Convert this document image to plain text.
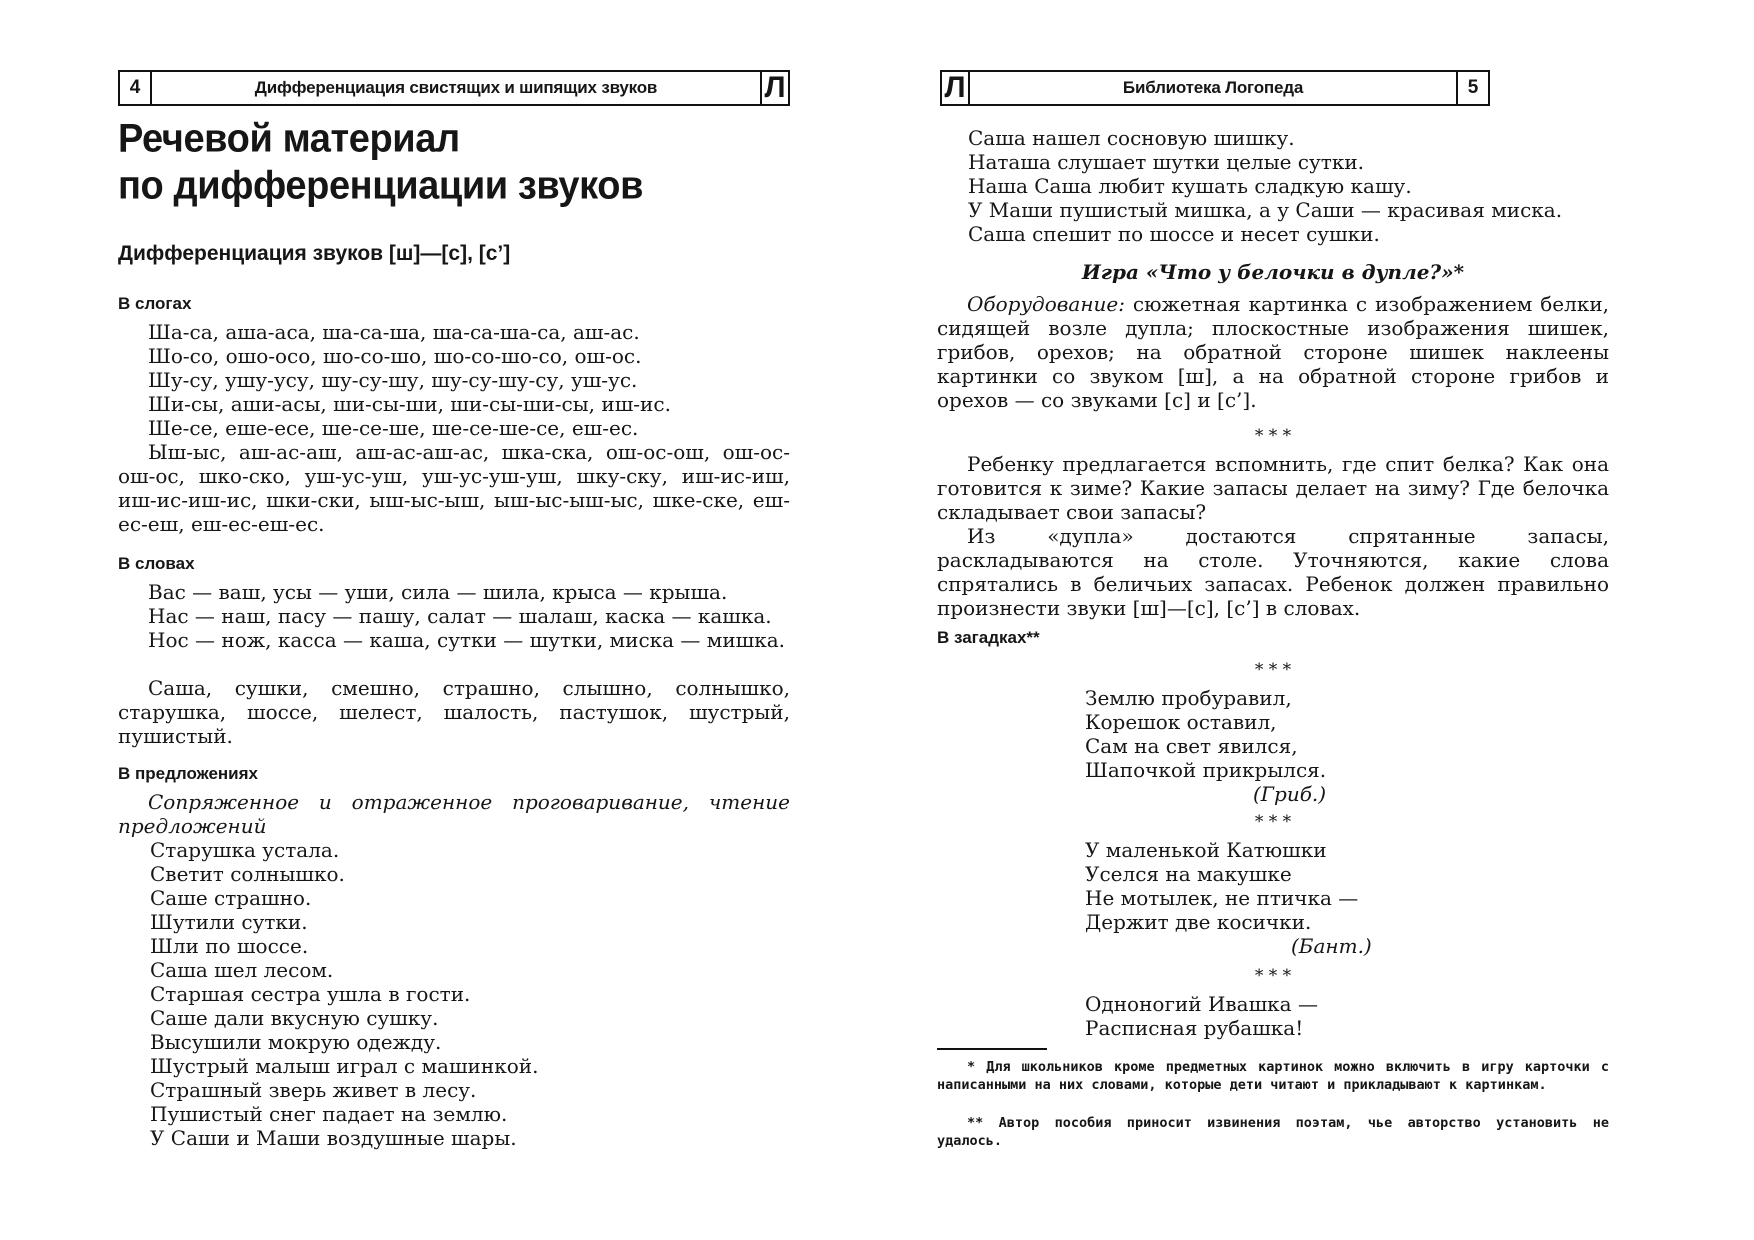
4	Дифференциация свистящих и шипящих звуков	Л
Речевой материал
по дифференциации звуков
Дифференциация звуков [ш]—[с], [с’]
В слогах
Ша-са, аша-аса, ша-са-ша, ша-са-ша-са, аш-ас.
Шо-со, ошо-осо, шо-со-шо, шо-со-шо-со, ош-ос.
Шу-су, ушу-усу, шу-су-шу, шу-су-шу-су, уш-ус.
Ши-сы, аши-асы, ши-сы-ши, ши-сы-ши-сы, иш-ис.
Ше-се, еше-есе, ше-се-ше, ше-се-ше-се, еш-ес.
Ыш-ыс, аш-ас-аш, аш-ас-аш-ас, шка-ска, ош-ос-ош, ош-ос-ош-ос, шко-ско, уш-ус-уш, уш-ус-уш-уш, шку-ску, иш-ис-иш, иш-ис-иш-ис, шки-ски, ыш-ыс-ыш, ыш-ыс-ыш-ыс, шке-ске, еш-ес-еш, еш-ес-еш-ес.
В словах
Вас — ваш, усы — уши, сила — шила, крыса — крыша.
Нас — наш, пасу — пашу, салат — шалаш, каска — кашка.
Нос — нож, касса — каша, сутки — шутки, миска — мишка.
Саша, сушки, смешно, страшно, слышно, солнышко, старушка, шоссе, шелест, шалость, пастушок, шустрый, пушистый.
В предложениях
Сопряженное и отраженное проговаривание, чтение предложений
Старушка устала.
Светит солнышко.
Саше страшно.
Шутили сутки.
Шли по шоссе.
Саша шел лесом.
Старшая сестра ушла в гости.
Саше дали вкусную сушку.
Высушили мокрую одежду.
Шустрый малыш играл с машинкой.
Страшный зверь живет в лесу.
Пушистый снег падает на землю.
У Саши и Маши воздушные шары.
Л	Библиотека Логопеда	5
Саша нашел сосновую шишку.
Наташа слушает шутки целые сутки.
Наша Саша любит кушать сладкую кашу.
У Маши пушистый мишка, а у Саши — красивая миска.
Саша спешит по шоссе и несет сушки.
Игра «Что у белочки в дупле?»*
Оборудование: сюжетная картинка с изображением белки, сидящей возле дупла; плоскостные изображения шишек, грибов, орехов; на обратной стороне шишек наклеены картинки со звуком [ш], а на обратной стороне грибов и орехов — со звуками [с] и [с’].
* * *
Ребенку предлагается вспомнить, где спит белка? Как она готовится к зиме? Какие запасы делает на зиму? Где белочка складывает свои запасы?
Из «дупла» достаются спрятанные запасы, раскладываются на столе. Уточняются, какие слова спрятались в беличьих запасах. Ребенок должен правильно произнести звуки [ш]—[с], [с’] в словах.
В загадках**
* * *
Землю пробуравил,
Корешок оставил,
Сам на свет явился,
Шапочкой прикрылся.
(Гриб.)
* * *
У маленькой Катюшки
Уселся на макушке
Не мотылек, не птичка —
Держит две косички.
(Бант.)
* * *
Одноногий Ивашка —
Расписная рубашка!
* Для школьников кроме предметных картинок можно включить в игру карточки с написанными на них словами, которые дети читают и прикладывают к картинкам.
** Автор пособия приносит извинения поэтам, чье авторство установить не удалось.
